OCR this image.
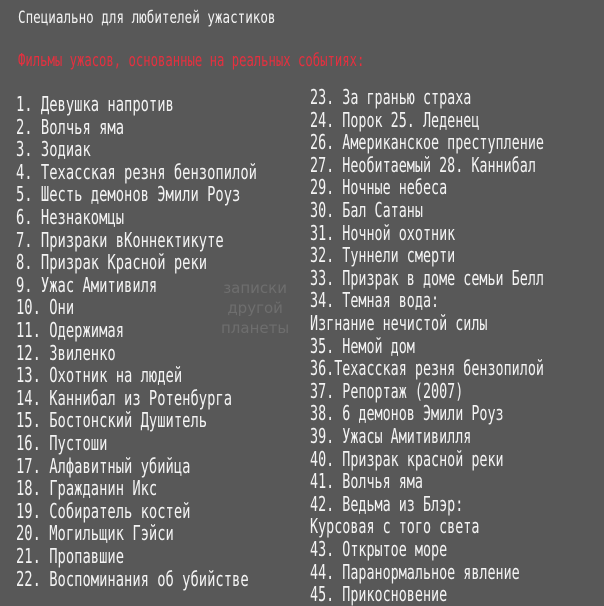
Специально для любителей ужастиков
Фильмы ужасов, основанные на реальных событиях:
1. Девушка напротив
2. Волчья яма
3. Зодиак
4. Техасская резня бензопилой
5. Шесть демонов Эмили Роуз
6. Незнакомцы
7. Призраки вКоннектикуте
8. Призрак Красной реки
9. Ужас Амитивиля
10. Они
11. Одержимая
12. Звиленко
13. Охотник на людей
14. Каннибал из Ротенбурга
15. Бостонский Душитель
16. Пустоши
17. Алфавитный убийца
18. Гражданин Икс
19. Собиратель костей
20. Могильщик Гэйси
21. Пропавшие
22. Воспоминания об убийстве
23. За гранью страха
24. Порок 25. Леденец
26. Американское преступление
27. Необитаемый 28. Каннибал
29. Ночные небеса
30. Бал Сатаны
31. Ночной охотник
32. Туннели смерти
33. Призрак в доме семьи Белл
34. Темная вода:
Изгнание нечистой силы
35. Немой дом
36.Техасская резня бензопилой
37. Репортаж (2007)
38. 6 демонов Эмили Роуз
39. Ужасы Амитивилля
40. Призрак красной реки
41. Волчья яма
42. Ведьма из Блэр:
Курсовая с того света
43. Открытое море
44. Паранормальное явление
45. Прикосновение
записки
другой
планеты
